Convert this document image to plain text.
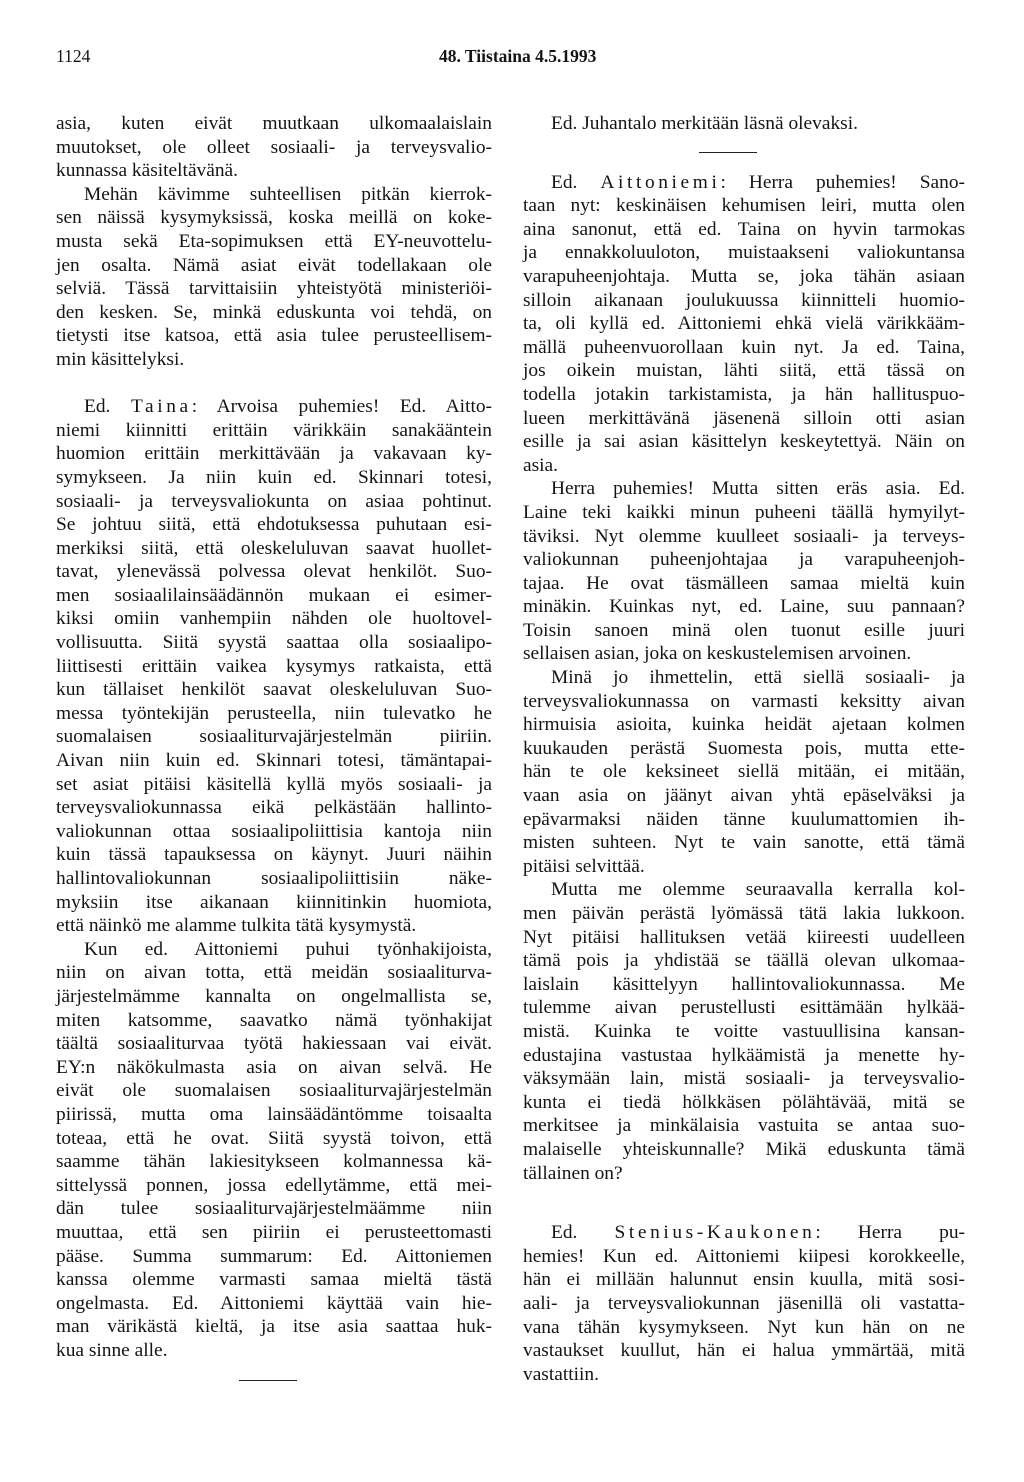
1124	48. Tiistaina 4.5.1993
asia, kuten eivät muutkaan ulkomaalaislain
muutokset, ole olleet sosiaali- ja terveysvalio-
kunnassa käsiteltävänä.
Mehän kävimme suhteellisen pitkän kierrok-
sen näissä kysymyksissä, koska meillä on koke-
musta sekä Eta-sopimuksen että EY-neuvottelu-
jen osalta. Nämä asiat eivät todellakaan ole
selviä. Tässä tarvittaisiin yhteistyötä ministeriöi-
den kesken. Se, minkä eduskunta voi tehdä, on
tietysti itse katsoa, että asia tulee perusteellisem-
min käsittelyksi.
Ed. Taina: Arvoisa puhemies! Ed. Aitto-
niemi kiinnitti erittäin värikkäin sanakääntein
huomion erittäin merkittävään ja vakavaan ky-
symykseen. Ja niin kuin ed. Skinnari totesi,
sosiaali- ja terveysvaliokunta on asiaa pohtinut.
Se johtuu siitä, että ehdotuksessa puhutaan esi-
merkiksi siitä, että oleskeluluvan saavat huollet-
tavat, ylenevässä polvessa olevat henkilöt. Suo-
men sosiaalilainsäädännön mukaan ei esimer-
kiksi omiin vanhempiin nähden ole huoltovel-
vollisuutta. Siitä syystä saattaa olla sosiaalipo-
liittisesti erittäin vaikea kysymys ratkaista, että
kun tällaiset henkilöt saavat oleskeluluvan Suo-
messa työntekijän perusteella, niin tulevatko he
suomalaisen sosiaaliturvajärjestelmän piiriin.
Aivan niin kuin ed. Skinnari totesi, tämäntapai-
set asiat pitäisi käsitellä kyllä myös sosiaali- ja
terveysvaliokunnassa eikä pelkästään hallinto-
valiokunnan ottaa sosiaalipoliittisia kantoja niin
kuin tässä tapauksessa on käynyt. Juuri näihin
hallintovaliokunnan sosiaalipoliittisiin näke-
myksiin itse aikanaan kiinnitinkin huomiota,
että näinkö me alamme tulkita tätä kysymystä.
Kun ed. Aittoniemi puhui työnhakijoista,
niin on aivan totta, että meidän sosiaaliturva-
järjestelmämme kannalta on ongelmallista se,
miten katsomme, saavatko nämä työnhakijat
täältä sosiaaliturvaa työtä hakiessaan vai eivät.
EY:n näkökulmasta asia on aivan selvä. He
eivät ole suomalaisen sosiaaliturvajärjestelmän
piirissä, mutta oma lainsäädäntömme toisaalta
toteaa, että he ovat. Siitä syystä toivon, että
saamme tähän lakiesitykseen kolmannessa kä-
sittelyssä ponnen, jossa edellytämme, että mei-
dän tulee sosiaaliturvajärjestelmäämme niin
muuttaa, että sen piiriin ei perusteettomasti
pääse. Summa summarum: Ed. Aittoniemen
kanssa olemme varmasti samaa mieltä tästä
ongelmasta. Ed. Aittoniemi käyttää vain hie-
man värikästä kieltä, ja itse asia saattaa huk-
kua sinne alle.
Ed. Juhantalo merkitään läsnä olevaksi.
Ed. Aittoniemi: Herra puhemies! Sano-
taan nyt: keskinäisen kehumisen leiri, mutta olen
aina sanonut, että ed. Taina on hyvin tarmokas
ja ennakkoluuloton, muistaakseni valiokuntansa
varapuheenjohtaja. Mutta se, joka tähän asiaan
silloin aikanaan joulukuussa kiinnitteli huomio-
ta, oli kyllä ed. Aittoniemi ehkä vielä värikkääm-
mällä puheenvuorollaan kuin nyt. Ja ed. Taina,
jos oikein muistan, lähti siitä, että tässä on
todella jotakin tarkistamista, ja hän hallituspuo-
lueen merkittävänä jäsenenä silloin otti asian
esille ja sai asian käsittelyn keskeytettyä. Näin on
asia.
Herra puhemies! Mutta sitten eräs asia. Ed.
Laine teki kaikki minun puheeni täällä hymyilyt-
täviksi. Nyt olemme kuulleet sosiaali- ja terveys-
valiokunnan puheenjohtajaa ja varapuheenjoh-
tajaa. He ovat täsmälleen samaa mieltä kuin
minäkin. Kuinkas nyt, ed. Laine, suu pannaan?
Toisin sanoen minä olen tuonut esille juuri
sellaisen asian, joka on keskustelemisen arvoinen.
Minä jo ihmettelin, että siellä sosiaali- ja
terveysvaliokunnassa on varmasti keksitty aivan
hirmuisia asioita, kuinka heidät ajetaan kolmen
kuukauden perästä Suomesta pois, mutta ette-
hän te ole keksineet siellä mitään, ei mitään,
vaan asia on jäänyt aivan yhtä epäselväksi ja
epävarmaksi näiden tänne kuulumattomien ih-
misten suhteen. Nyt te vain sanotte, että tämä
pitäisi selvittää.
Mutta me olemme seuraavalla kerralla kol-
men päivän perästä lyömässä tätä lakia lukkoon.
Nyt pitäisi hallituksen vetää kiireesti uudelleen
tämä pois ja yhdistää se täällä olevan ulkomaa-
laislain käsittelyyn hallintovaliokunnassa. Me
tulemme aivan perustellusti esittämään hylkää-
mistä. Kuinka te voitte vastuullisina kansan-
edustajina vastustaa hylkäämistä ja menette hy-
väksymään lain, mistä sosiaali- ja terveysvalio-
kunta ei tiedä hölkkäsen pölähtävää, mitä se
merkitsee ja minkälaisia vastuita se antaa suo-
malaiselle yhteiskunnalle? Mikä eduskunta tämä
tällainen on?
Ed. Stenius-Kaukonen: Herra pu-
hemies! Kun ed. Aittoniemi kiipesi korokkeelle,
hän ei millään halunnut ensin kuulla, mitä sosi-
aali- ja terveysvaliokunnan jäsenillä oli vastatta-
vana tähän kysymykseen. Nyt kun hän on ne
vastaukset kuullut, hän ei halua ymmärtää, mitä
vastattiin.
